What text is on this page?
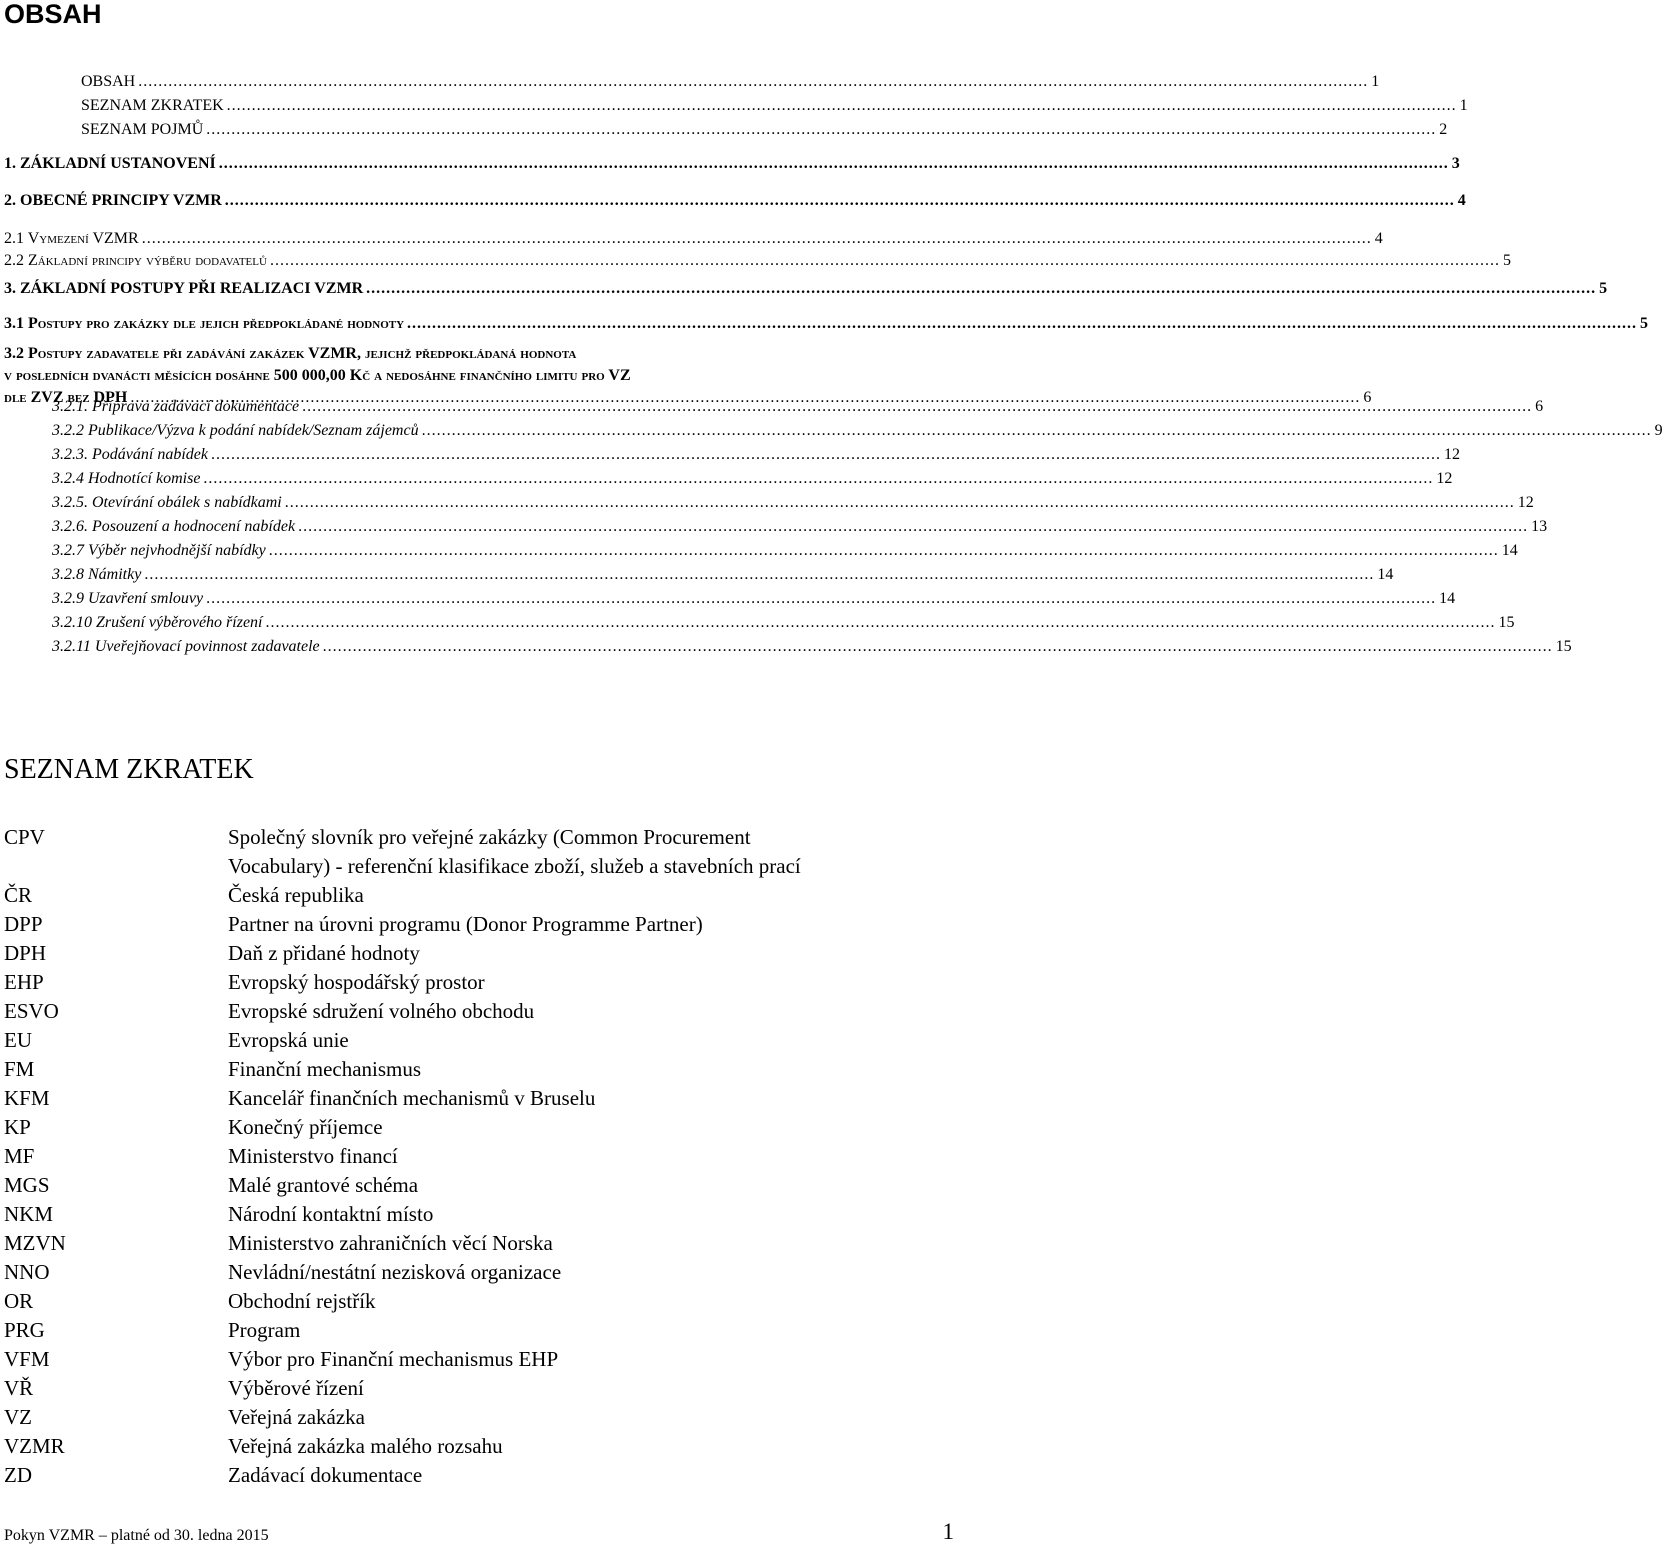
OBSAH
OBSAH .....	1
SEZNAM ZKRATEK .....	1
SEZNAM POJMŮ .....	2
1. ZÁKLADNÍ USTANOVENÍ .....	3
2. OBECNÉ PRINCIPY VZMR .....	4
2.1 Vymezení VZMR .....	4
2.2 Základní principy výběru dodavatelů .....	5
3. ZÁKLADNÍ POSTUPY PŘI REALIZACI VZMR .....	5
3.1 Postupy pro zakázky dle jejich předpokládané hodnoty .....	5
3.2 Postupy zadavatele při zadávání zakázek VZMR, jejichž předpokládaná hodnota
v posledních dvanácti měsících dosáhne 500 000,00 Kč a nedosáhne finančního limitu pro VZ
dle ZVZ bez DPH .....	6
3.2.1. Příprava zadávací dokumentace .....	6
3.2.2 Publikace/Výzva k podání nabídek/Seznam zájemců .....	9
3.2.3. Podávání nabídek .....	12
3.2.4 Hodnotící komise .....	12
3.2.5. Otevírání obálek s nabídkami .....	12
3.2.6. Posouzení a hodnocení nabídek .....	13
3.2.7 Výběr nejvhodnější nabídky .....	14
3.2.8 Námitky .....	14
3.2.9 Uzavření smlouvy .....	14
3.2.10 Zrušení výběrového řízení .....	15
3.2.11 Uveřejňovací povinnost zadavatele .....	15
SEZNAM ZKRATEK
CPV	Společný slovník pro veřejné zakázky (Common Procurement
Vocabulary) - referenční klasifikace zboží, služeb a stavebních prací
ČR	Česká republika
DPP	Partner na úrovni programu (Donor Programme Partner)
DPH	Daň z přidané hodnoty
EHP	Evropský hospodářský prostor
ESVO	Evropské sdružení volného obchodu
EU	Evropská unie
FM	Finanční mechanismus
KFM	Kancelář finančních mechanismů v Bruselu
KP	Konečný příjemce
MF	Ministerstvo financí
MGS	Malé grantové schéma
NKM	Národní kontaktní místo
MZVN	Ministerstvo zahraničních věcí Norska
NNO	Nevládní/nestátní nezisková organizace
OR	Obchodní rejstřík
PRG	Program
VFM	Výbor pro Finanční mechanismus EHP
VŘ	Výběrové řízení
VZ	Veřejná zakázka
VZMR	Veřejná zakázka malého rozsahu
ZD	Zadávací dokumentace
Pokyn VZMR – platné od 30. ledna 2015	1
